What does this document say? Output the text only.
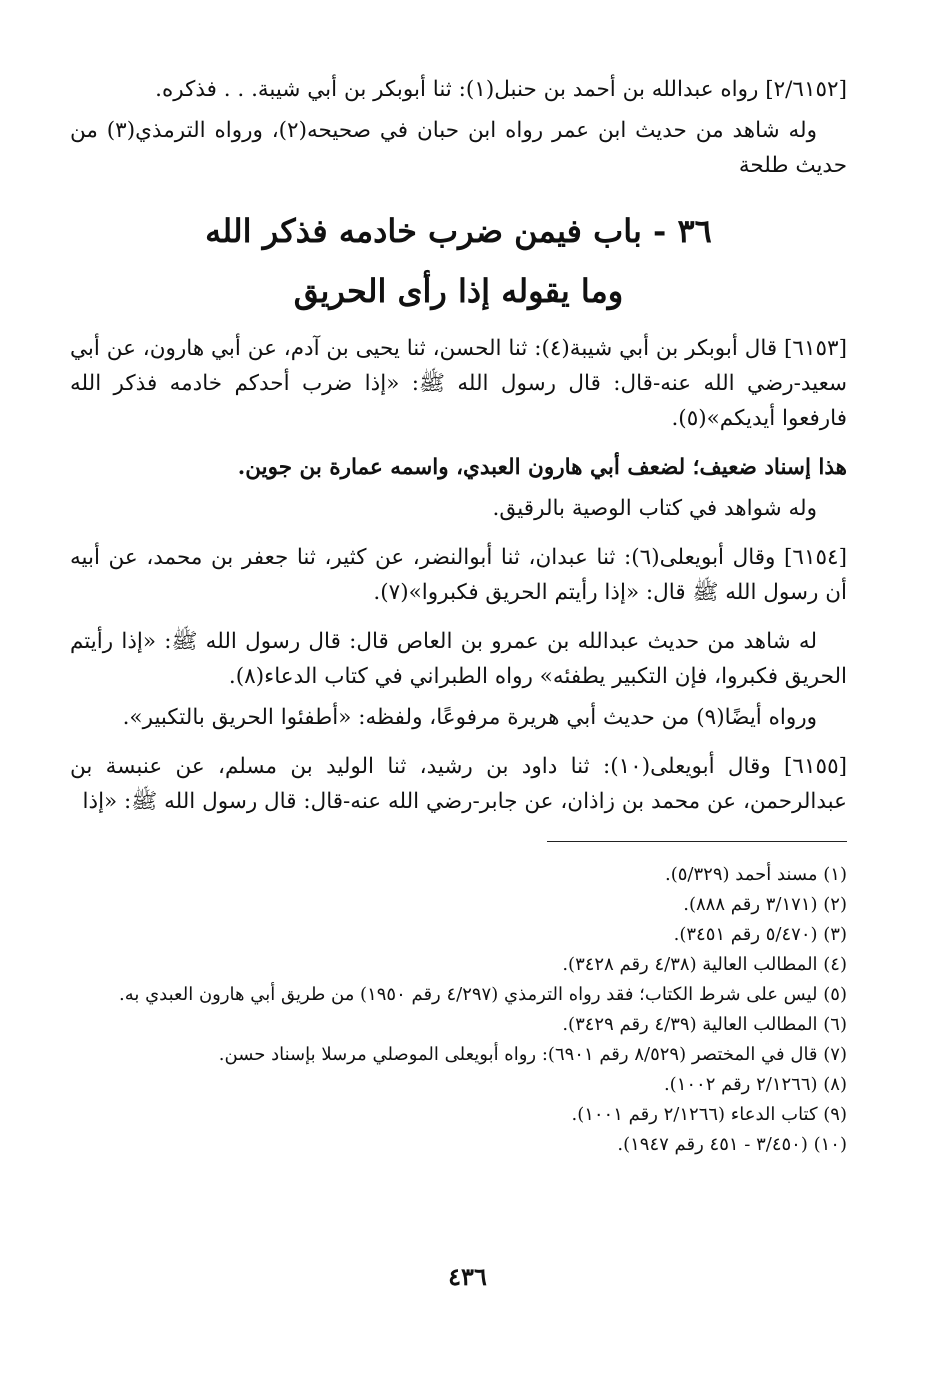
[٢/٦١٥٢] رواه عبدالله بن أحمد بن حنبل(١): ثنا أبوبكر بن أبي شيبة. . . فذكره.

وله شاهد من حديث ابن عمر رواه ابن حبان في صحيحه(٢)، ورواه الترمذي(٣) من حديث طلحة

٣٦ - باب فيمن ضرب خادمه فذكر الله
وما يقوله إذا رأى الحريق

[٦١٥٣] قال أبوبكر بن أبي شيبة(٤): ثنا الحسن، ثنا يحيى بن آدم، عن أبي هارون، عن أبي سعيد-رضي الله عنه-قال: قال رسول الله ﷺ: «إذا ضرب أحدكم خادمه فذكر الله فارفعوا أيديكم»(٥).

هذا إسناد ضعيف؛ لضعف أبي هارون العبدي، واسمه عمارة بن جوين.

وله شواهد في كتاب الوصية بالرقيق.

[٦١٥٤] وقال أبويعلى(٦): ثنا عبدان، ثنا أبوالنضر، عن كثير، ثنا جعفر بن محمد، عن أبيه أن رسول الله ﷺ قال: «إذا رأيتم الحريق فكبروا»(٧).

له شاهد من حديث عبدالله بن عمرو بن العاص قال: قال رسول الله ﷺ: «إذا رأيتم الحريق فكبروا، فإن التكبير يطفئه» رواه الطبراني في كتاب الدعاء(٨).

ورواه أيضًا(٩) من حديث أبي هريرة مرفوعًا، ولفظه: «أطفئوا الحريق بالتكبير».

[٦١٥٥] وقال أبويعلى(١٠): ثنا داود بن رشيد، ثنا الوليد بن مسلم، عن عنبسة بن عبدالرحمن، عن محمد بن زاذان، عن جابر-رضي الله عنه-قال: قال رسول الله ﷺ: «إذا

(١) مسند أحمد (٥/٣٢٩).

(٢) (٣/١٧١ رقم ٨٨٨).

(٣) (٥/٤٧٠ رقم ٣٤٥١).

(٤) المطالب العالية (٤/٣٨ رقم ٣٤٢٨).

(٥) ليس على شرط الكتاب؛ فقد رواه الترمذي (٤/٢٩٧ رقم ١٩٥٠) من طريق أبي هارون العبدي به.

(٦) المطالب العالية (٤/٣٩ رقم ٣٤٢٩).

(٧) قال في المختصر (٨/٥٢٩ رقم ٦٩٠١): رواه أبويعلى الموصلي مرسلا بإسناد حسن.

(٨) (٢/١٢٦٦ رقم ١٠٠٢).

(٩) كتاب الدعاء (٢/١٢٦٦ رقم ١٠٠١).

(١٠) (٣/٤٥٠ - ٤٥١ رقم ١٩٤٧).

٤٣٦
